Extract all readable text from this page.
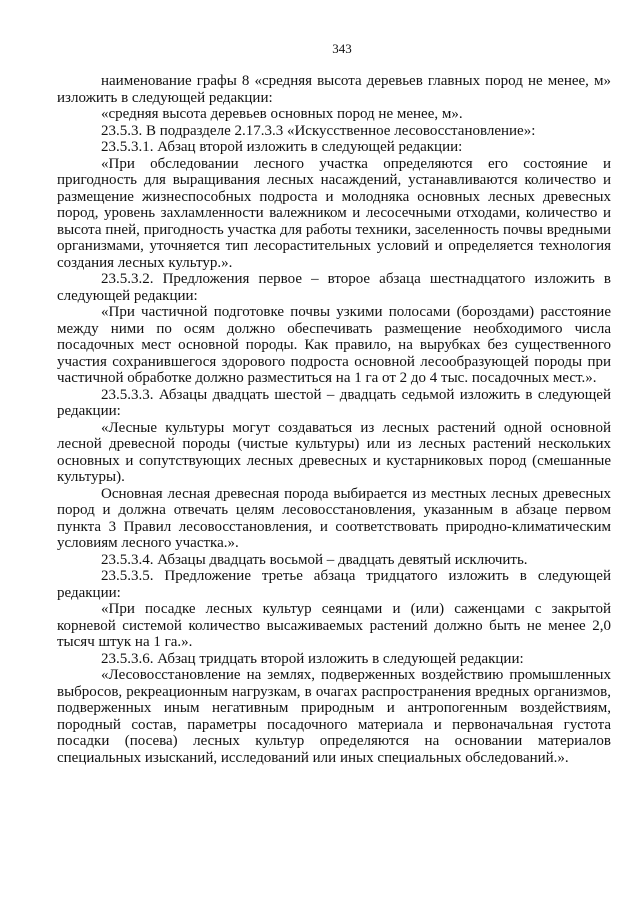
343

наименование графы 8 «средняя высота деревьев главных пород не менее, м» изложить в следующей редакции:

«средняя высота деревьев основных пород не менее, м».

23.5.3. В подразделе 2.17.3.3 «Искусственное лесовосстановление»:

23.5.3.1. Абзац второй изложить в следующей редакции:

«При обследовании лесного участка определяются его состояние и пригодность для выращивания лесных насаждений, устанавливаются количество и размещение жизнеспособных подроста и молодняка основных лесных древесных пород, уровень захламленности валежником и лесосечными отходами, количество и высота пней, пригодность участка для работы техники, заселенность почвы вредными организмами, уточняется тип лесорастительных условий и определяется технология создания лесных культур.».

23.5.3.2. Предложения первое – второе абзаца шестнадцатого изложить в следующей редакции:

«При частичной подготовке почвы узкими полосами (бороздами) расстояние между ними по осям должно обеспечивать размещение необходимого числа посадочных мест основной породы. Как правило, на вырубках без существенного участия сохранившегося здорового подроста основной лесообразующей породы при частичной обработке должно разместиться на 1 га от 2 до 4 тыс. посадочных мест.».

23.5.3.3. Абзацы двадцать шестой – двадцать седьмой изложить в следующей редакции:

«Лесные культуры могут создаваться из лесных растений одной основной лесной древесной породы (чистые культуры) или из лесных растений нескольких основных и сопутствующих лесных древесных и кустарниковых пород (смешанные культуры).

Основная лесная древесная порода выбирается из местных лесных древесных пород и должна отвечать целям лесовосстановления, указанным в абзаце первом пункта 3 Правил лесовосстановления, и соответствовать природно-климатическим условиям лесного участка.».

23.5.3.4. Абзацы двадцать восьмой – двадцать девятый исключить.

23.5.3.5. Предложение третье абзаца тридцатого изложить в следующей редакции:

«При посадке лесных культур сеянцами и (или) саженцами с закрытой корневой системой количество высаживаемых растений должно быть не менее 2,0 тысяч штук на 1 га.».

23.5.3.6. Абзац тридцать второй изложить в следующей редакции:

«Лесовосстановление на землях, подверженных воздействию промышленных выбросов, рекреационным нагрузкам, в очагах распространения вредных организмов, подверженных иным негативным природным и антропогенным воздействиям, породный состав, параметры посадочного материала и первоначальная густота посадки (посева) лесных культур определяются на основании материалов специальных изысканий, исследований или иных специальных обследований.».
